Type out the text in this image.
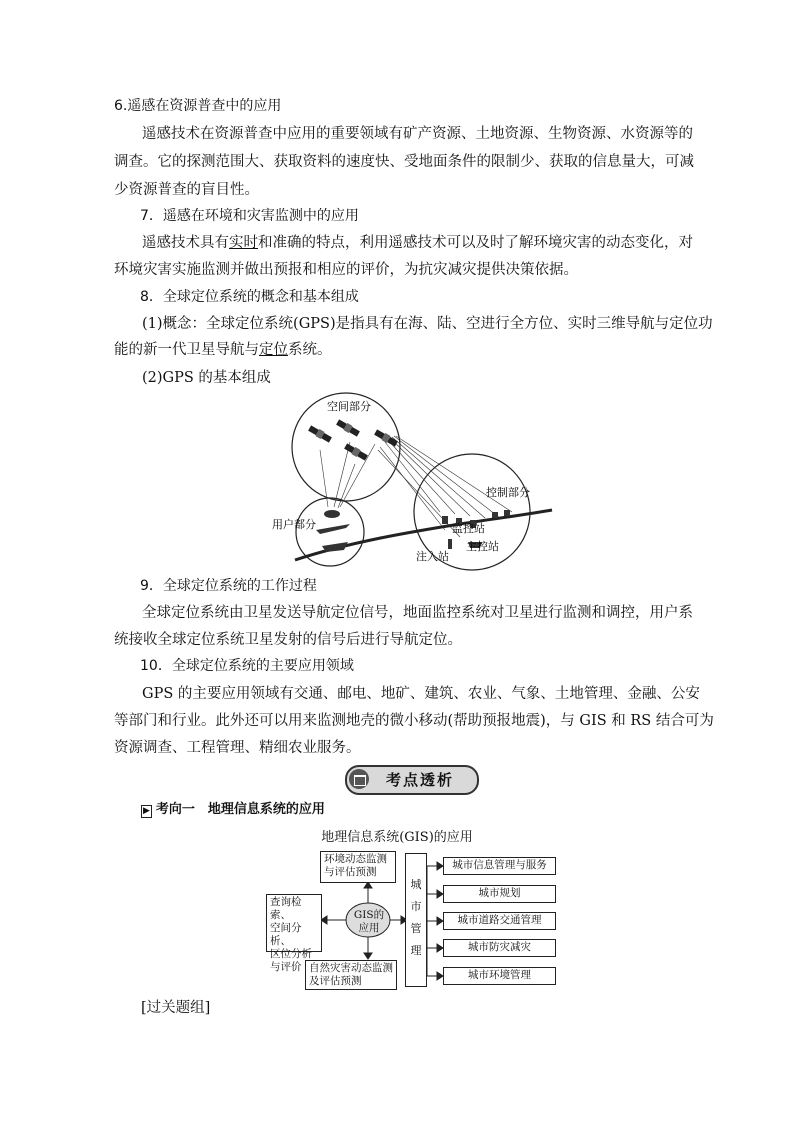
6.遥感在资源普查中的应用
遥感技术在资源普查中应用的重要领域有矿产资源、土地资源、生物资源、水资源等的
调查。它的探测范围大、获取资料的速度快、受地面条件的限制少、获取的信息量大，可减
少资源普查的盲目性。
7．遥感在环境和灾害监测中的应用
遥感技术具有实时和准确的特点，利用遥感技术可以及时了解环境灾害的动态变化，对
环境灾害实施监测并做出预报和相应的评价，为抗灾减灾提供决策依据。
8．全球定位系统的概念和基本组成
(1)概念：全球定位系统(GPS)是指具有在海、陆、空进行全方位、实时三维导航与定位功
能的新一代卫星导航与定位系统。
(2)GPS 的基本组成
空间部分
控制部分
用户部分	监控站
主控站
注入站
9．全球定位系统的工作过程
全球定位系统由卫星发送导航定位信号，地面监控系统对卫星进行监测和调控，用户系
统接收全球定位系统卫星发射的信号后进行导航定位。
10．全球定位系统的主要应用领域
GPS 的主要应用领域有交通、邮电、地矿、建筑、农业、气象、土地管理、金融、公安
等部门和行业。此外还可以用来监测地壳的微小移动(帮助预报地震)，与 GIS 和 RS 结合可为
资源调查、工程管理、精细农业服务。
考点透析
▶ 考向一　地理信息系统的应用
地理信息系统(GIS)的应用
GIS的
应用
环境动态监测
与评估预测
查询检索、
空间分析、
区位分析
与评价 自然灾害动态监测
及评估预测
城
市
管
理
城市信息管理与服务
城市规划
城市道路交通管理
城市防灾减灾
城市环境管理
[过关题组]
